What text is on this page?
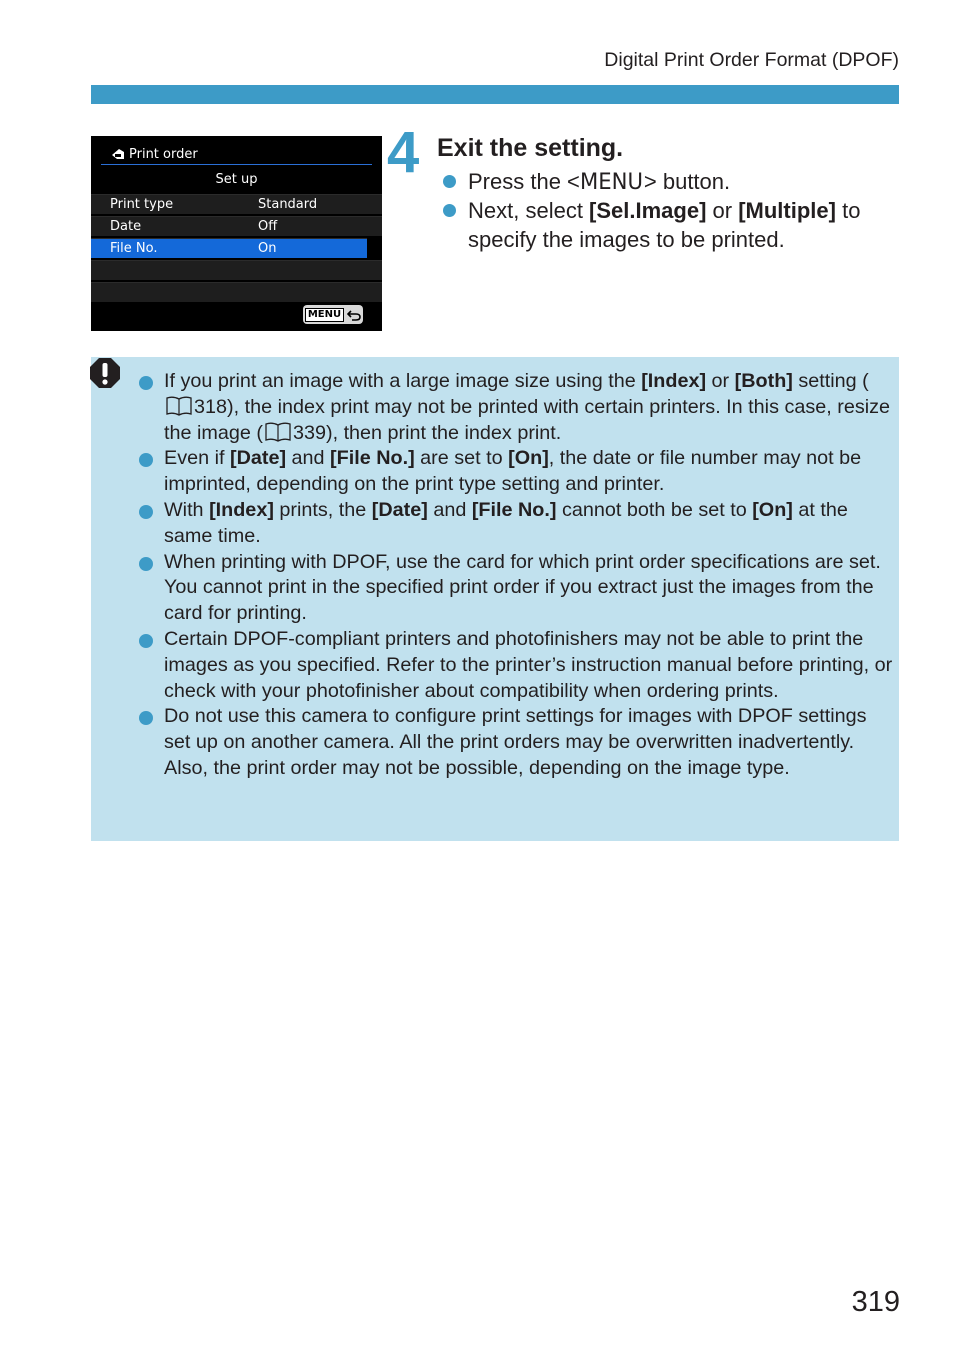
Digital Print Order Format (DPOF)
Print order
Set up
Print type	Standard
Date	Off
File No.	On
MENU
4 Exit the setting.
Press the < MENU > button.
Next, select [Sel.Image] or [Multiple] to specify the images to be printed.
If you print an image with a large image size using the [Index] or [Both] setting (318), the index print may not be printed with certain printers. In this case, resize the image ( 339), then print the index print.
Even if [Date] and [File No.] are set to [On], the date or file number may not be imprinted, depending on the print type setting and printer.
With [Index] prints, the [Date] and [File No.] cannot both be set to [On] at the same time.
When printing with DPOF, use the card for which print order specifications are set. You cannot print in the specified print order if you extract just the images from the card for printing.
Certain DPOF-compliant printers and photofinishers may not be able to print the images as you specified. Refer to the printer’s instruction manual before printing, or check with your photofinisher about compatibility when ordering prints.
Do not use this camera to configure print settings for images with DPOF settings set up on another camera. All the print orders may be overwritten inadvertently. Also, the print order may not be possible, depending on the image type.
319
